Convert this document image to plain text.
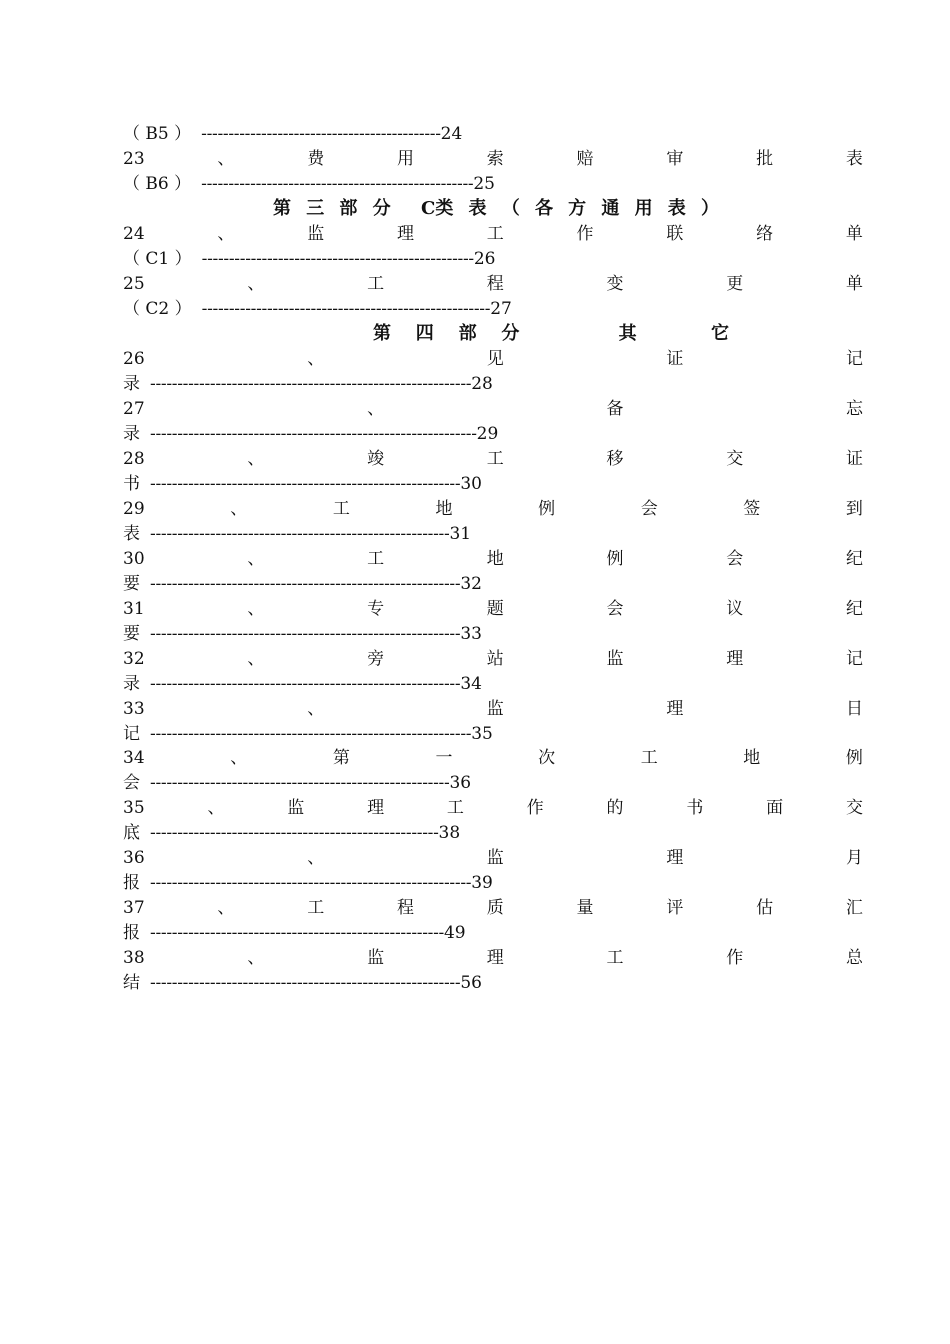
（ B5 ） -------------------------------------------- 24
23	、	费	用	索	赔	审	批	表
（ B6 ） -------------------------------------------------- 25
第 三 部 分 C类 表 （ 各 方 通 用 表 ）
24	、	监	理	工	作	联	络	单
（ C1 ） -------------------------------------------------- 26
25	、	工	程	变	更	单
（ C2 ） ----------------------------------------------------- 27
第 四 部 分	其	它
26	、	见	证	记
录 ----------------------------------------------------------- 28
27	、	备	忘
录 ------------------------------------------------------------ 29
28	、	竣	工	移	交	证
书 --------------------------------------------------------- 30
29	、	工	地	例	会	签	到
表 ------------------------------------------------------- 31
30	、	工	地	例	会	纪
要 --------------------------------------------------------- 32
31	、	专	题	会	议	纪
要 --------------------------------------------------------- 33
32	、	旁	站	监	理	记
录 --------------------------------------------------------- 34
33	、	监	理	日
记 ----------------------------------------------------------- 35
34	、	第	一	次	工	地	例
会 ------------------------------------------------------- 36
35	、	监	理	工	作	的	书	面	交
底 ----------------------------------------------------- 38
36	、	监	理	月
报 ----------------------------------------------------------- 39
37	、	工	程	质	量	评	估	汇
报 ------------------------------------------------------ 49
38	、	监	理	工	作	总
结 --------------------------------------------------------- 56
